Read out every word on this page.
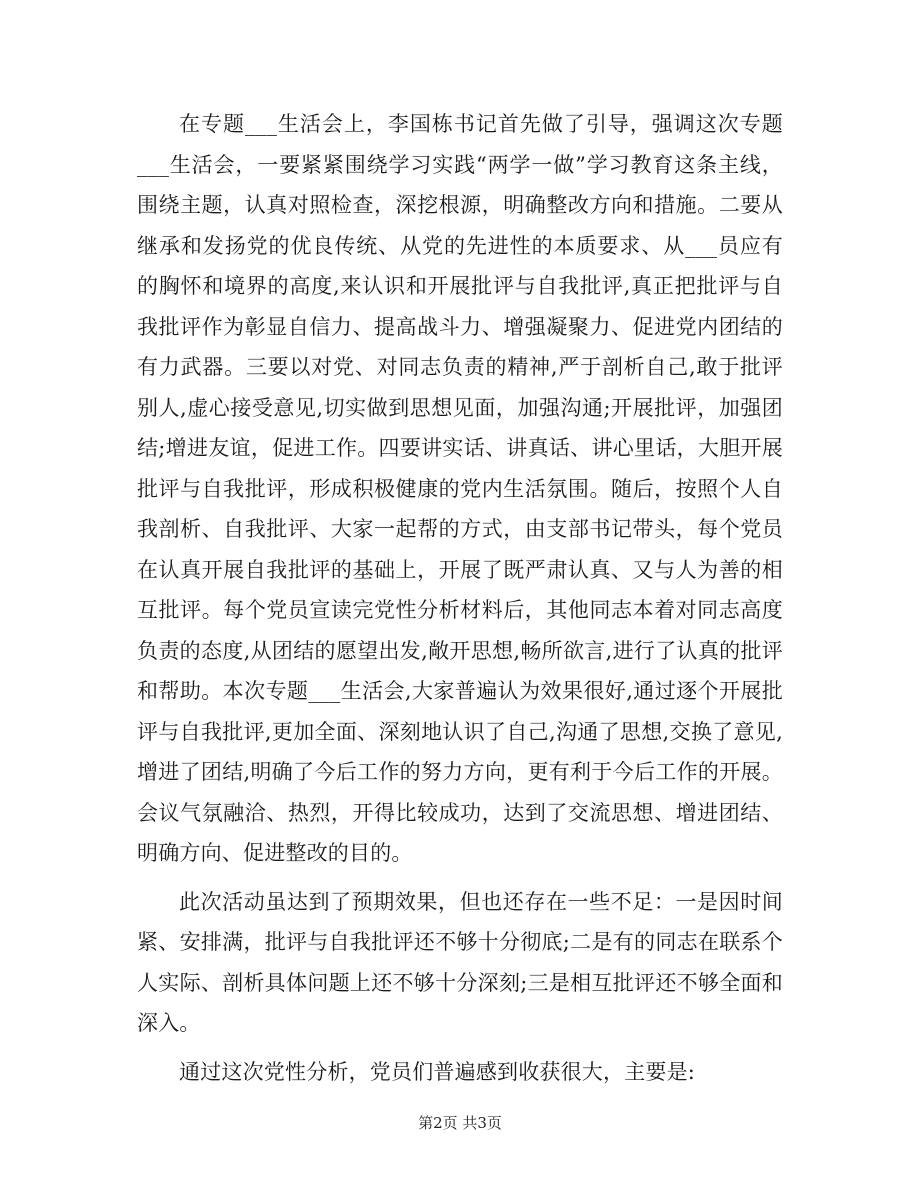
在专题___生活会上，李国栋书记首先做了引导，强调这次专题___生活会，一要紧紧围绕学习实践“两学一做”学习教育这条主线，围绕主题，认真对照检查，深挖根源，明确整改方向和措施。二要从继承和发扬党的优良传统、从党的先进性的本质要求、从___员应有的胸怀和境界的高度,来认识和开展批评与自我批评,真正把批评与自我批评作为彰显自信力、提高战斗力、增强凝聚力、促进党内团结的有力武器。三要以对党、对同志负责的精神,严于剖析自己,敢于批评别人,虚心接受意见,切实做到思想见面，加强沟通;开展批评，加强团结;增进友谊，促进工作。四要讲实话、讲真话、讲心里话，大胆开展批评与自我批评，形成积极健康的党内生活氛围。随后，按照个人自我剖析、自我批评、大家一起帮的方式，由支部书记带头，每个党员在认真开展自我批评的基础上，开展了既严肃认真、又与人为善的相互批评。每个党员宣读完党性分析材料后，其他同志本着对同志高度负责的态度,从团结的愿望出发,敞开思想,畅所欲言,进行了认真的批评和帮助。本次专题___生活会,大家普遍认为效果很好,通过逐个开展批评与自我批评,更加全面、深刻地认识了自己,沟通了思想,交换了意见,增进了团结,明确了今后工作的努力方向，更有利于今后工作的开展。会议气氛融洽、热烈，开得比较成功，达到了交流思想、增进团结、明确方向、促进整改的目的。

此次活动虽达到了预期效果，但也还存在一些不足：一是因时间紧、安排满，批评与自我批评还不够十分彻底;二是有的同志在联系个人实际、剖析具体问题上还不够十分深刻;三是相互批评还不够全面和深入。

通过这次党性分析，党员们普遍感到收获很大，主要是:

第2页 共3页
